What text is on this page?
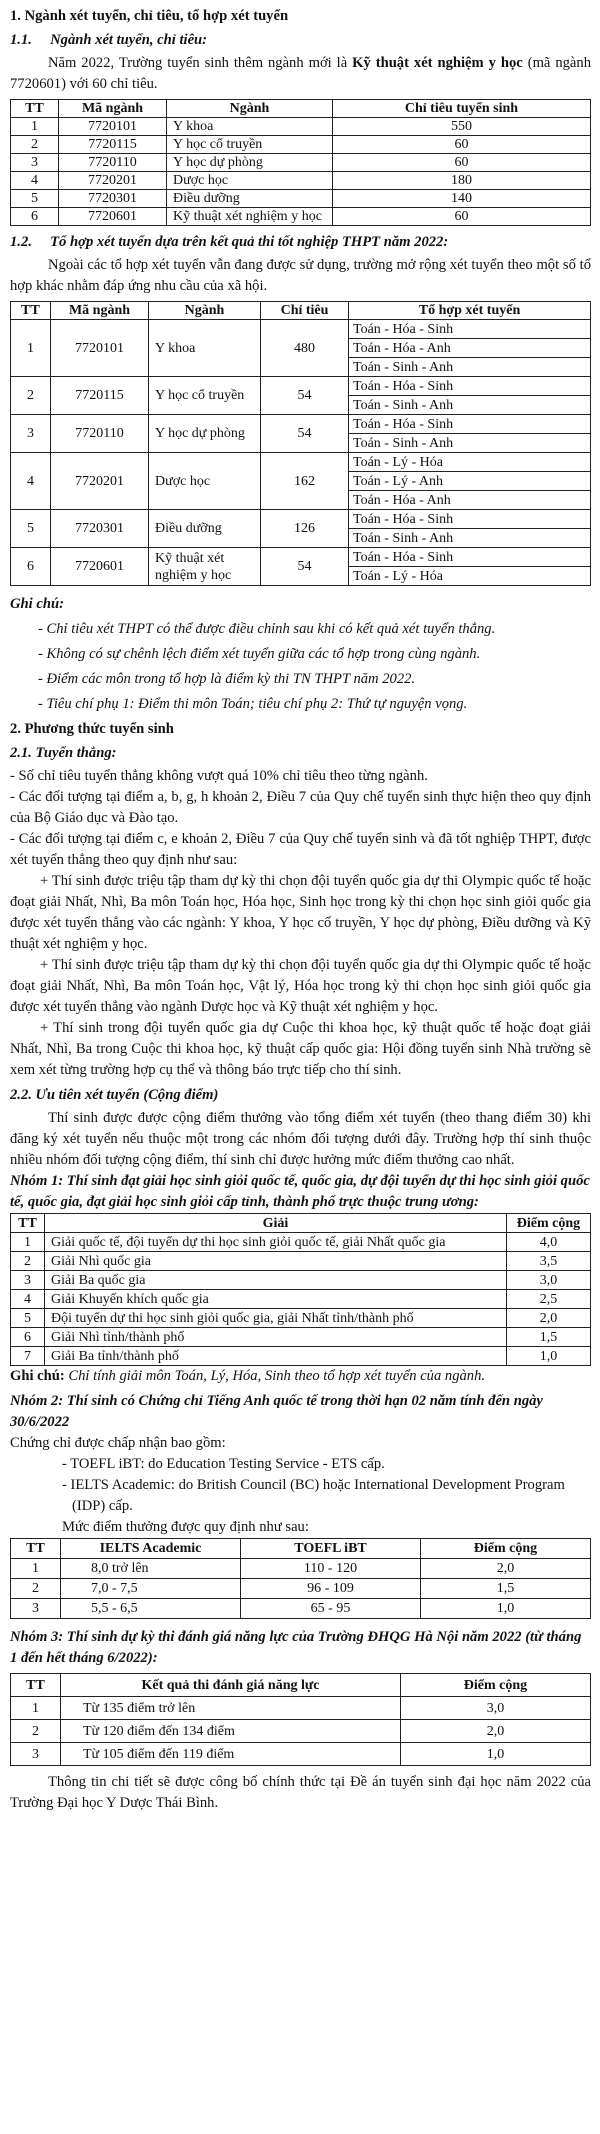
1. Ngành xét tuyển, chỉ tiêu, tổ hợp xét tuyển

1.1.     Ngành xét tuyển, chỉ tiêu:

Năm 2022, Trường tuyển sinh thêm ngành mới là Kỹ thuật xét nghiệm y học (mã ngành 7720601) với 60 chỉ tiêu.

TT	Mã ngành	Ngành	Chỉ tiêu tuyển sinh
1	7720101	Y khoa	550
2	7720115	Y học cổ truyền	60
3	7720110	Y học dự phòng	60
4	7720201	Dược học	180
5	7720301	Điều dưỡng	140
6	7720601	Kỹ thuật xét nghiệm y học	60

1.2.     Tổ hợp xét tuyển dựa trên kết quả thi tốt nghiệp THPT năm 2022:

Ngoài các tổ hợp xét tuyển vẫn đang được sử dụng, trường mở rộng xét tuyển theo một số tổ hợp khác nhằm đáp ứng nhu cầu của xã hội.

TT	Mã ngành	Ngành	Chỉ tiêu	Tổ hợp xét tuyển
1	7720101	Y khoa	480	Toán - Hóa - Sinh
				Toán - Hóa - Anh
				Toán - Sinh - Anh
2	7720115	Y học cổ truyền	54	Toán - Hóa - Sinh
				Toán - Sinh - Anh
3	7720110	Y học dự phòng	54	Toán - Hóa - Sinh
				Toán - Sinh - Anh
4	7720201	Dược học	162	Toán - Lý - Hóa
				Toán - Lý - Anh
				Toán - Hóa - Anh
5	7720301	Điều dưỡng	126	Toán - Hóa - Sinh
				Toán - Sinh - Anh
6	7720601	Kỹ thuật xét nghiệm y học	54	Toán - Hóa - Sinh
				Toán - Lý - Hóa

Ghi chú:

- Chỉ tiêu xét THPT có thể được điều chỉnh sau khi có kết quả xét tuyển thẳng.

- Không có sự chênh lệch điểm xét tuyển giữa các tổ hợp trong cùng ngành.

- Điểm các môn trong tổ hợp là điểm kỳ thi TN THPT năm 2022.

- Tiêu chí phụ 1: Điểm thi môn Toán; tiêu chí phụ 2: Thứ tự nguyện vọng.

2. Phương thức tuyển sinh

2.1. Tuyển thẳng:

- Số chỉ tiêu tuyển thẳng không vượt quá 10% chỉ tiêu theo từng ngành.

- Các đối tượng tại điểm a, b, g, h khoản 2, Điều 7 của Quy chế tuyển sinh thực hiện theo quy định của Bộ Giáo dục và Đào tạo.

- Các đối tượng tại điểm c, e khoản 2, Điều 7 của Quy chế tuyển sinh và đã tốt nghiệp THPT, được xét tuyển thẳng theo quy định như sau:

+ Thí sinh được triệu tập tham dự kỳ thi chọn đội tuyển quốc gia dự thi Olympic quốc tế hoặc đoạt giải Nhất, Nhì, Ba môn Toán học, Hóa học, Sinh học trong kỳ thi chọn học sinh giỏi quốc gia được xét tuyển thẳng vào các ngành: Y khoa, Y học cổ truyền, Y học dự phòng, Điều dưỡng và Kỹ thuật xét nghiệm y học.

+ Thí sinh được triệu tập tham dự kỳ thi chọn đội tuyển quốc gia dự thi Olympic quốc tế hoặc đoạt giải Nhất, Nhì, Ba môn Toán học, Vật lý, Hóa học trong kỳ thi chọn học sinh giỏi quốc gia được xét tuyển thẳng vào ngành Dược học và Kỹ thuật xét nghiệm y học.

+ Thí sinh trong đội tuyển quốc gia dự Cuộc thi khoa học, kỹ thuật quốc tế hoặc đoạt giải Nhất, Nhì, Ba trong Cuộc thi khoa học, kỹ thuật cấp quốc gia: Hội đồng tuyển sinh Nhà trường sẽ xem xét từng trường hợp cụ thể và thông báo trực tiếp cho thí sinh.

2.2. Ưu tiên xét tuyển (Cộng điểm)

Thí sinh được được cộng điểm thưởng vào tổng điểm xét tuyển (theo thang điểm 30) khi đăng ký xét tuyển nếu thuộc một trong các nhóm đối tượng dưới đây. Trường hợp thí sinh thuộc nhiều nhóm đối tượng cộng điểm, thí sinh chỉ được hưởng mức điểm thưởng cao nhất.

Nhóm 1: Thí sinh đạt giải học sinh giỏi quốc tế, quốc gia, dự đội tuyển dự thi học sinh giỏi quốc tế, quốc gia, đạt giải học sinh giỏi cấp tỉnh, thành phố trực thuộc trung ương:

TT	Giải	Điểm cộng
1	Giải quốc tế, đội tuyển dự thi học sinh giỏi quốc tế, giải Nhất quốc gia	4,0
2	Giải Nhì quốc gia	3,5
3	Giải Ba quốc gia	3,0
4	Giải Khuyến khích quốc gia	2,5
5	Đội tuyển dự thi học sinh giỏi quốc gia, giải Nhất tỉnh/thành phố	2,0
6	Giải Nhì tỉnh/thành phố	1,5
7	Giải Ba tỉnh/thành phố	1,0

Ghi chú: Chỉ tính giải môn Toán, Lý, Hóa, Sinh theo tổ hợp xét tuyển của ngành.

Nhóm 2: Thí sinh có Chứng chỉ Tiếng Anh quốc tế trong thời hạn 02 năm tính đến ngày 30/6/2022

Chứng chỉ được chấp nhận bao gồm:

- TOEFL iBT: do Education Testing Service - ETS cấp.

- IELTS Academic: do British Council (BC) hoặc International Development Program (IDP) cấp.

Mức điểm thưởng được quy định như sau:

TT	IELTS Academic	TOEFL iBT	Điểm cộng
1	8,0 trở lên	110 - 120	2,0
2	7,0 - 7,5	96 - 109	1,5
3	5,5 - 6,5	65 - 95	1,0

Nhóm 3: Thí sinh dự kỳ thi đánh giá năng lực của Trường ĐHQG Hà Nội năm 2022 (từ tháng 1 đến hết tháng 6/2022):

TT	Kết quả thi đánh giá năng lực	Điểm cộng
1	Từ 135 điểm trở lên	3,0
2	Từ 120 điểm đến 134 điểm	2,0
3	Từ 105 điểm đến 119 điểm	1,0

Thông tin chi tiết sẽ được công bố chính thức tại Đề án tuyển sinh đại học năm 2022 của Trường Đại học Y Dược Thái Bình.
